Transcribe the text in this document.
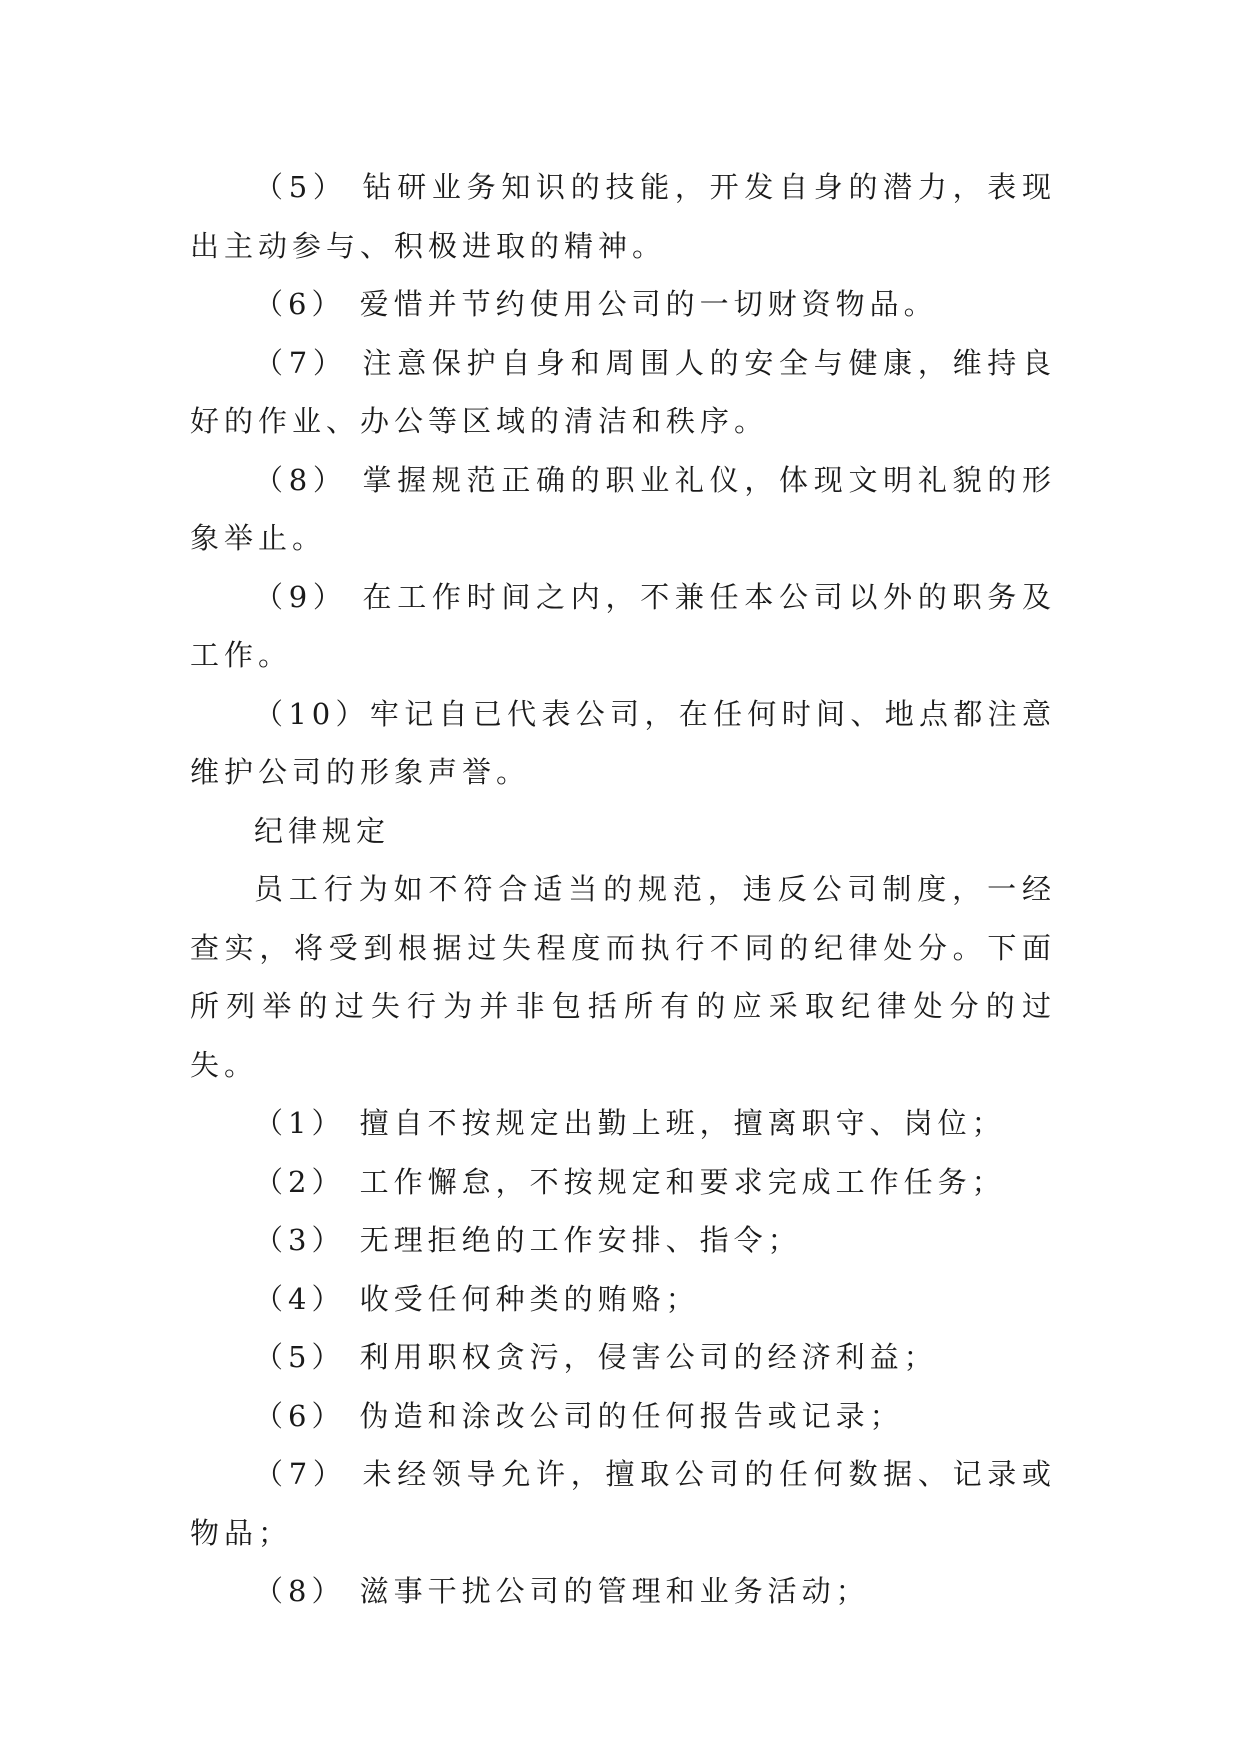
（5） 钻研业务知识的技能，开发自身的潜力，表现出主动参与、积极进取的精神。

（6） 爱惜并节约使用公司的一切财资物品。

（7） 注意保护自身和周围人的安全与健康，维持良好的作业、办公等区域的清洁和秩序。

（8） 掌握规范正确的职业礼仪，体现文明礼貌的形象举止。

（9） 在工作时间之内，不兼任本公司以外的职务及工作。

（10）牢记自已代表公司，在任何时间、地点都注意维护公司的形象声誉。

纪律规定

员工行为如不符合适当的规范，违反公司制度，一经查实，将受到根据过失程度而执行不同的纪律处分。下面所列举的过失行为并非包括所有的应采取纪律处分的过失。

（1） 擅自不按规定出勤上班，擅离职守、岗位；

（2） 工作懈怠，不按规定和要求完成工作任务；

（3） 无理拒绝的工作安排、指令；

（4） 收受任何种类的贿赂；

（5） 利用职权贪污，侵害公司的经济利益；

（6） 伪造和涂改公司的任何报告或记录；

（7） 未经领导允许，擅取公司的任何数据、记录或物品；

（8） 滋事干扰公司的管理和业务活动；
